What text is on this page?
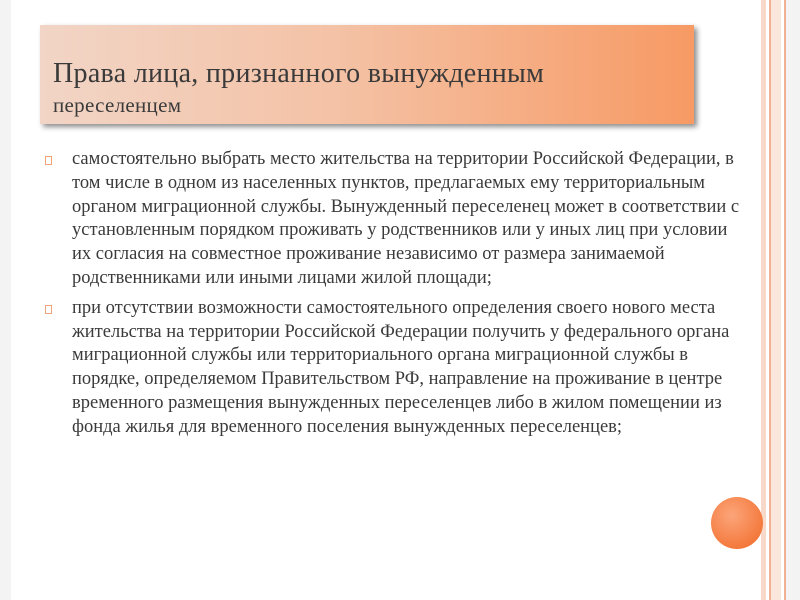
Права лица, признанного вынужденным

переселенцем

самостоятельно выбрать место жительства на территории Российской Федерации, в том числе в одном из населенных пунктов, предлагаемых ему территориальным органом миграционной службы. Вынужденный переселенец может в соответствии с установленным порядком проживать у родственников или у иных лиц при условии их согласия на совместное проживание независимо от размера занимаемой родственниками или иными лицами жилой площади;
при отсутствии возможности самостоятельного определения своего нового места жительства на территории Российской Федерации получить у федерального органа миграционной службы или территориального органа миграционной службы в порядке, определяемом Правительством РФ, направление на проживание в центре временного размещения вынужденных переселенцев либо в жилом помещении из фонда жилья для временного поселения вынужденных переселенцев;
